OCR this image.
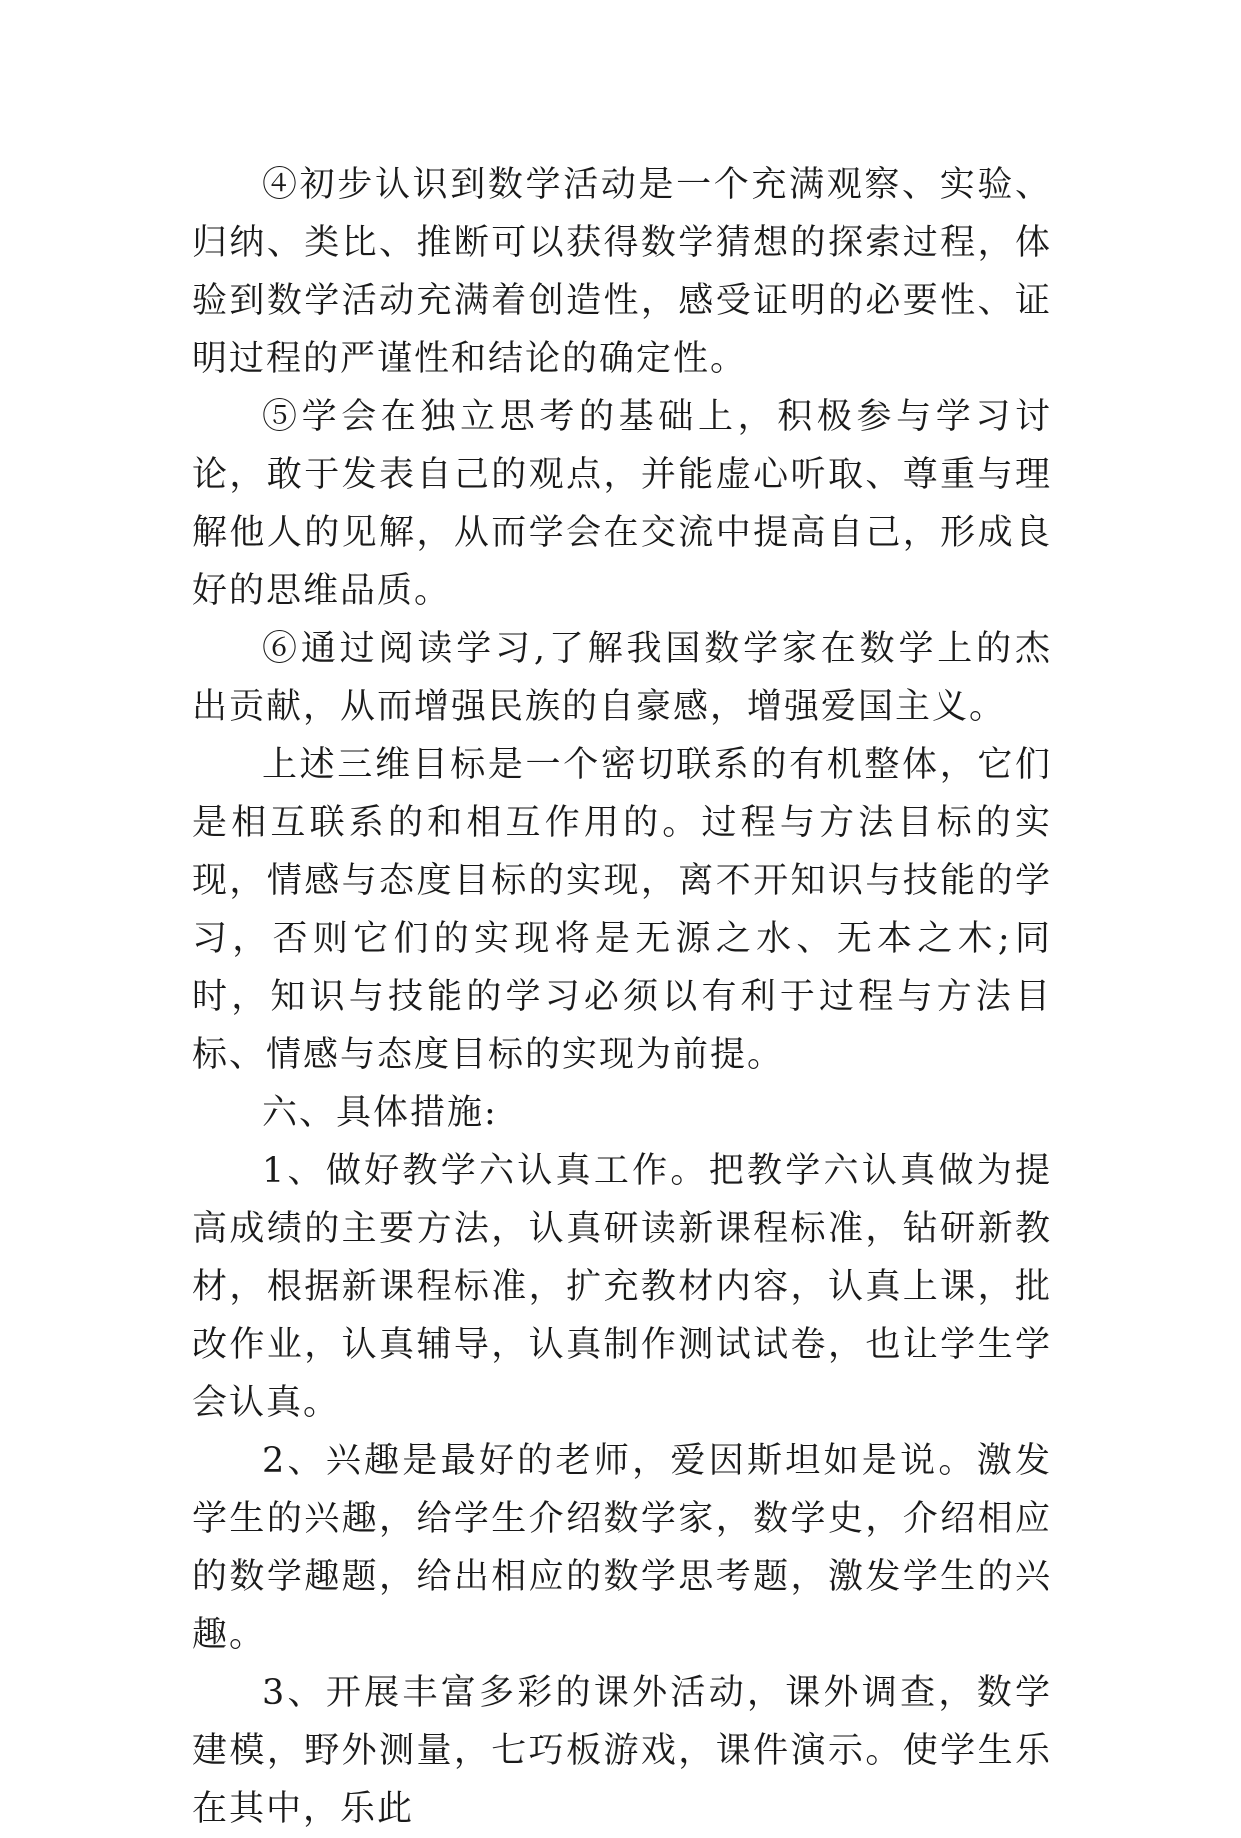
④初步认识到数学活动是一个充满观察、实验、归纳、类比、推断可以获得数学猜想的探索过程，体验到数学活动充满着创造性，感受证明的必要性、证明过程的严谨性和结论的确定性。

⑤学会在独立思考的基础上，积极参与学习讨论，敢于发表自己的观点，并能虚心听取、尊重与理解他人的见解，从而学会在交流中提高自己，形成良好的思维品质。

⑥通过阅读学习,了解我国数学家在数学上的杰出贡献，从而增强民族的自豪感，增强爱国主义。

上述三维目标是一个密切联系的有机整体，它们是相互联系的和相互作用的。过程与方法目标的实现，情感与态度目标的实现，离不开知识与技能的学习，否则它们的实现将是无源之水、无本之木;同时，知识与技能的学习必须以有利于过程与方法目标、情感与态度目标的实现为前提。

六、具体措施:

1、做好教学六认真工作。把教学六认真做为提高成绩的主要方法，认真研读新课程标准，钻研新教材，根据新课程标准，扩充教材内容，认真上课，批改作业，认真辅导，认真制作测试试卷，也让学生学会认真。

2、兴趣是最好的老师，爱因斯坦如是说。激发学生的兴趣，给学生介绍数学家，数学史，介绍相应的数学趣题，给出相应的数学思考题，激发学生的兴趣。

3、开展丰富多彩的课外活动，课外调查，数学建模，野外测量，七巧板游戏，课件演示。使学生乐在其中，乐此
